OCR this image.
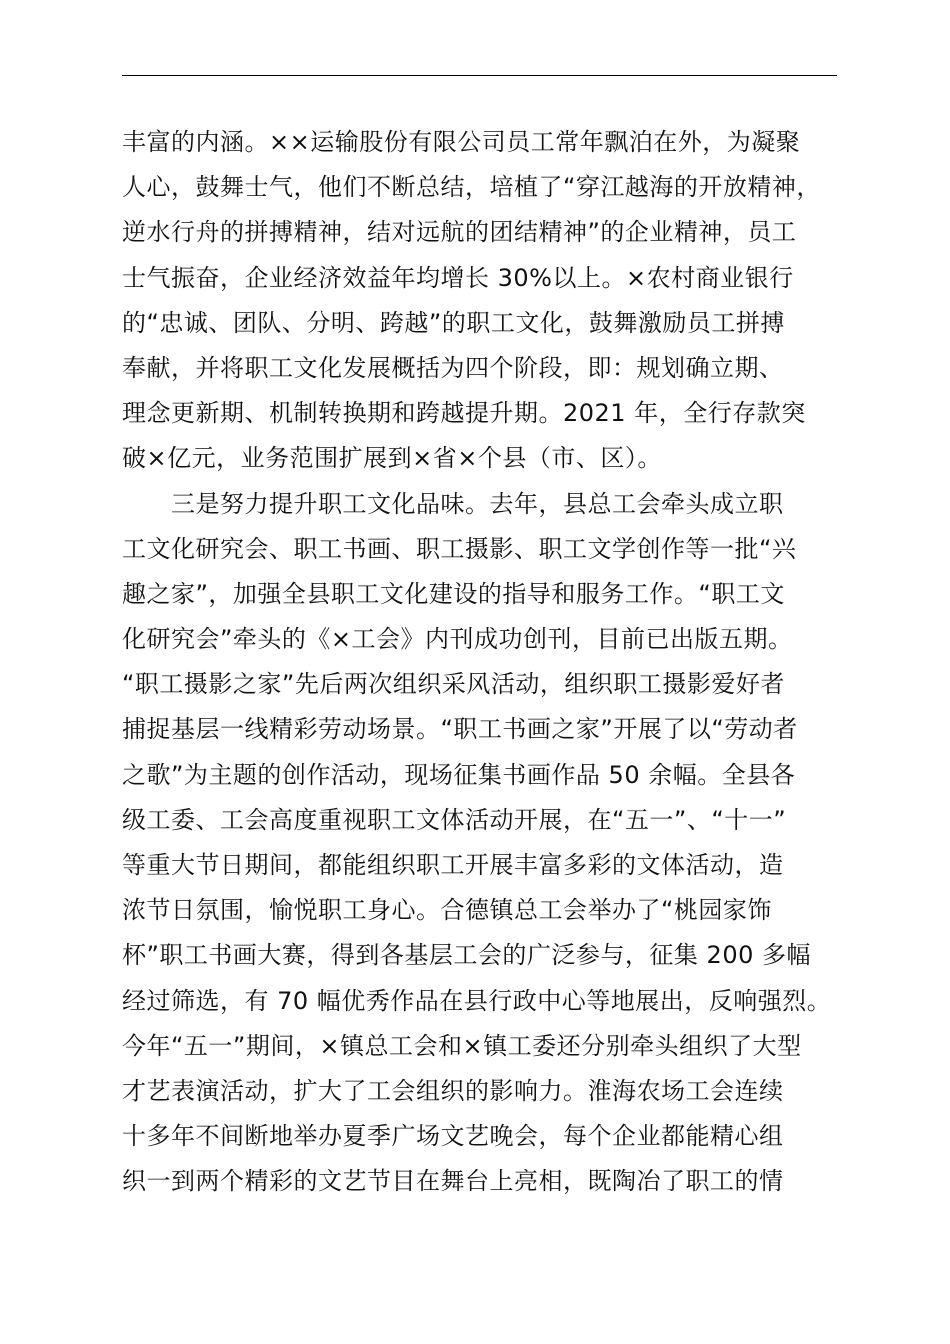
丰富的内涵。××运输股份有限公司员工常年飘泊在外，为凝聚
人心，鼓舞士气，他们不断总结，培植了“穿江越海的开放精神，
逆水行舟的拼搏精神，结对远航的团结精神”的企业精神，员工
士气振奋，企业经济效益年均增长 30%以上。×农村商业银行
的“忠诚、团队、分明、跨越”的职工文化，鼓舞激励员工拼搏
奉献，并将职工文化发展概括为四个阶段，即：规划确立期、
理念更新期、机制转换期和跨越提升期。2021 年，全行存款突
破×亿元，业务范围扩展到×省×个县（市、区）。
　　三是努力提升职工文化品味。去年，县总工会牵头成立职
工文化研究会、职工书画、职工摄影、职工文学创作等一批“兴
趣之家”，加强全县职工文化建设的指导和服务工作。“职工文
化研究会”牵头的《×工会》内刊成功创刊，目前已出版五期。
“职工摄影之家”先后两次组织采风活动，组织职工摄影爱好者
捕捉基层一线精彩劳动场景。“职工书画之家”开展了以“劳动者
之歌”为主题的创作活动，现场征集书画作品 50 余幅。全县各
级工委、工会高度重视职工文体活动开展，在“五一”、“十一”
等重大节日期间，都能组织职工开展丰富多彩的文体活动，造
浓节日氛围，愉悦职工身心。合德镇总工会举办了“桃园家饰
杯”职工书画大赛，得到各基层工会的广泛参与，征集 200 多幅
经过筛选，有 70 幅优秀作品在县行政中心等地展出，反响强烈。
今年“五一”期间，×镇总工会和×镇工委还分别牵头组织了大型
才艺表演活动，扩大了工会组织的影响力。淮海农场工会连续
十多年不间断地举办夏季广场文艺晚会，每个企业都能精心组
织一到两个精彩的文艺节目在舞台上亮相，既陶冶了职工的情
